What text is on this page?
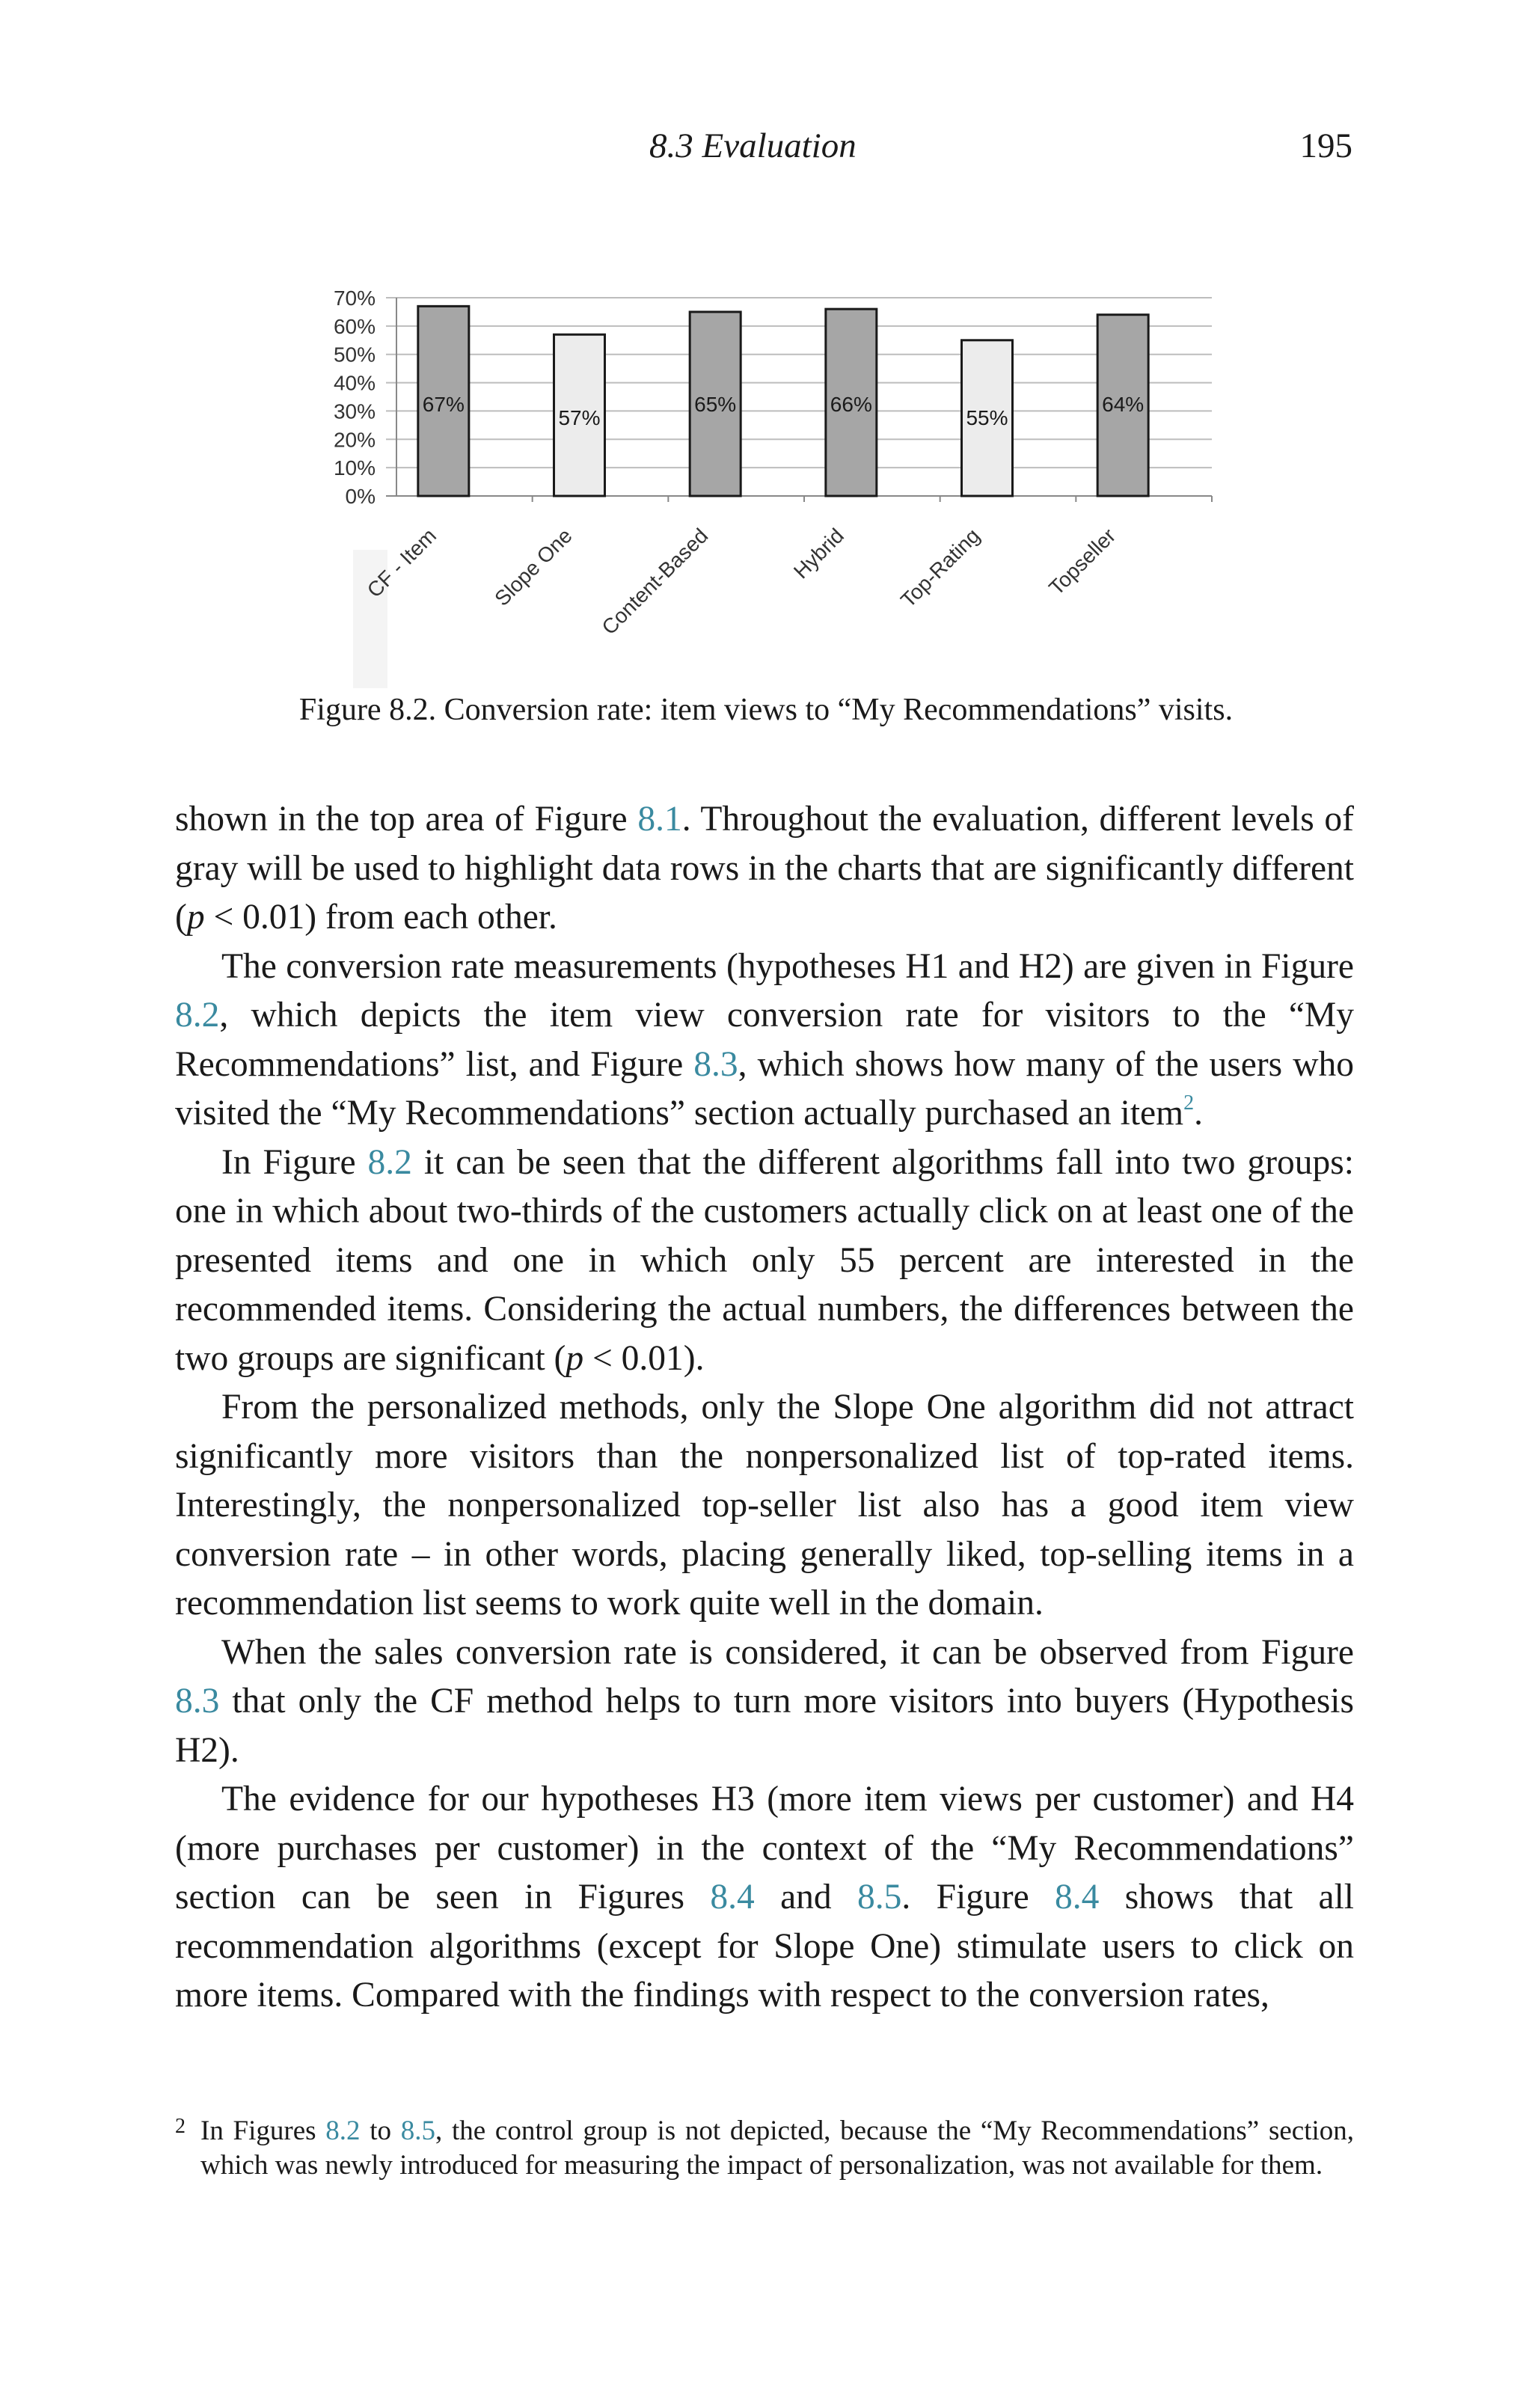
8.3 Evaluation	195
0%
10%
20%
30%
40%
50%
60%
70%
67%
CF - Item
57%
Slope One
65%
Content-Based
66%
Hybrid
55%
Top-Rating
64%
Topseller
Figure 8.2. Conversion rate: item views to “My Recommendations” visits.

shown in the top area of Figure 8.1. Throughout the evaluation, different levels of gray will be used to highlight data rows in the charts that are significantly different (p < 0.01) from each other.

The conversion rate measurements (hypotheses H1 and H2) are given in Figure 8.2, which depicts the item view conversion rate for visitors to the “My Recommendations” list, and Figure 8.3, which shows how many of the users who visited the “My Recommendations” section actually purchased an item$^2$.

In Figure 8.2 it can be seen that the different algorithms fall into two groups: one in which about two-thirds of the customers actually click on at least one of the presented items and one in which only 55 percent are interested in the recommended items. Considering the actual numbers, the differences between the two groups are significant (p < 0.01).

From the personalized methods, only the Slope One algorithm did not attract significantly more visitors than the nonpersonalized list of top-rated items. Interestingly, the nonpersonalized top-seller list also has a good item view conversion rate – in other words, placing generally liked, top-selling items in a recommendation list seems to work quite well in the domain.

When the sales conversion rate is considered, it can be observed from Figure 8.3 that only the CF method helps to turn more visitors into buyers (Hypothesis H2).

The evidence for our hypotheses H3 (more item views per customer) and H4 (more purchases per customer) in the context of the “My Recommendations” section can be seen in Figures 8.4 and 8.5. Figure 8.4 shows that all recommendation algorithms (except for Slope One) stimulate users to click on more items. Compared with the findings with respect to the conversion rates,

2 In Figures 8.2 to 8.5, the control group is not depicted, because the “My Recommendations” section, which was newly introduced for measuring the impact of personalization, was not available for them.
